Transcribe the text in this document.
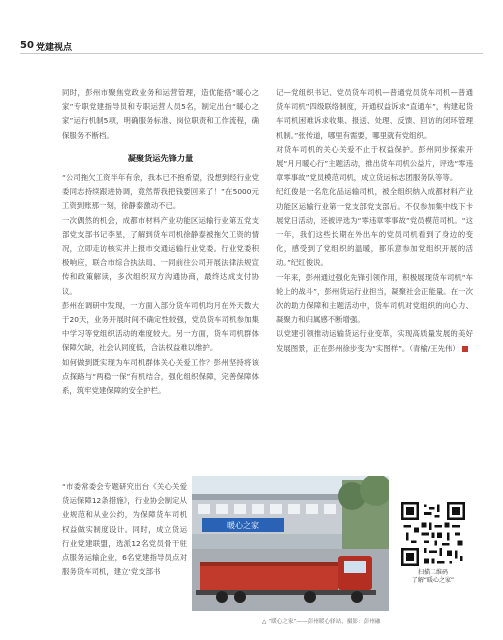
50 党建视点

同时，彭州市聚焦党政业务和运营管理，造优能搭“暖心之家”专职党建指导员和专职运营人员5名，制定出台“暖心之家”运行机制5项，明确服务标准、岗位职责和工作流程，确保服务不断档。

凝聚货运先锋力量

“公司拖欠工资半年有余，我本已不抱希望，没想到经行业党委同志持续跟进协调，竟然帮我把钱要回来了！”在5000元工资到账那一刻，徐静泰激动不已。

一次偶然的机会，成都市材料产业功能区运输行业第五党支部党支部书记李星，了解到货车司机徐静泰被拖欠工资的情况，立即走访核实并上报市交通运输行业党委。行业党委积极响应，联合市综合执法局、一同前往公司开展法律法规宣传和政策解读，多次组织双方沟通协商，最终达成支付协议。

彭州在调研中发现，一方面入部分货车司机均月在外天数大于20天，业务开展时间不确定性较强，党员货车司机参加集中学习等党组织活动的难度较大。另一方面，货车司机群体保障欠缺，社会认同度低，合法权益难以维护。

如何做到既实现为车司机群体关心关爱工作？彭州坚持将该点探路与“两稳一保”有机结合，强化组织保障，完善保障体系，筑牢党建保障的安全护栏。

“市委常委会专题研究出台《关心关爱货运保障12条措施》，行业协会制定从业规范和从业公约，为保障货车司机权益做实制度设计。同时，成立货运行业党建联盟，选派12名党员骨干驻点服务运输企业，6名党建指导员点对服务货车司机，建立‘党支部书

记—党组织书记、党员货车司机—普通党员货车司机—普通货车司机”四级联络制度，开通权益诉求“直通车”，构建起货车司机困难诉求收集、报送、处理、反馈、回访的闭环管理机制。”张传道，哪里有需要，哪里就有党组织。

对货车司机的关心关爱不止于权益保护。彭州同步探索开展“月月暖心行”主题活动，推出货车司机公益片，评选“零违章零事故”党员模范司机，成立货运标志团服务队等等。

纪红俊是一名危化品运输司机，被全组织纳入成都材料产业功能区运输行业第一党支部党支部后。不仅参加集中线下卡展党日活动，还被评选为“零违章零事故”党员模范司机。“这一年，我们这些长期在外出车的党员司机看到了身边的变化，感受到了党组织的温暖，都乐意参加党组织开展的活动。”纪红俊说。

一年来，彭州通过强化先锋引领作用，积极展现货车司机“车轮上的战斗”，彭州货运行业担当，凝聚社会正能量。在一次次的助力保障和主题活动中，货车司机对党组织的向心力、凝聚力和归属感不断增强。

以党建引领推动运输货运行业变革，实现高质量发展的美好发展图景，正在彭州徐步变为“实图样”。（青榆/王先伟）

暖心之家
△ “暖心之家”——彭州暖心驿站，摄影：彭州融
扫描二维码
了解“暖心之家”
